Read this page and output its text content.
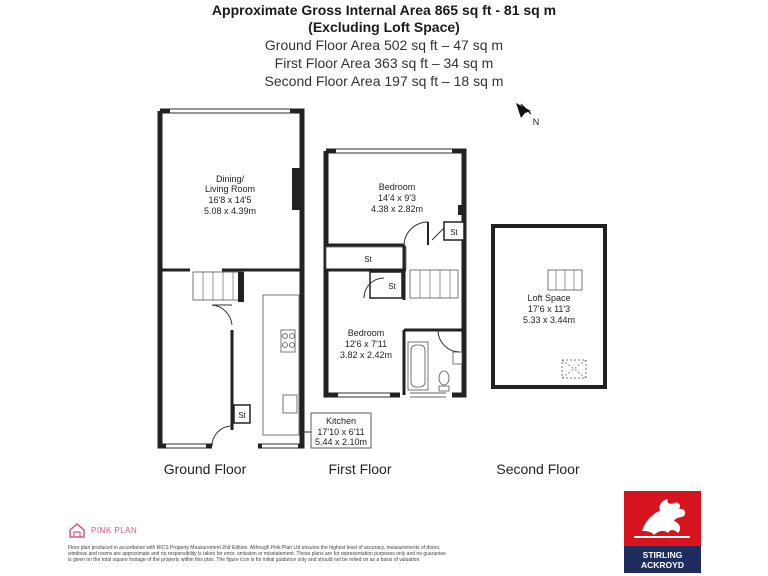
Approximate Gross Internal Area 865 sq ft - 81 sq m
(Excluding Loft Space)
Ground Floor Area 502 sq ft – 47 sq m
First Floor Area 363 sq ft – 34 sq m
Second Floor Area 197 sq ft – 18 sq m
N
St
Dining/
Living Room
16'8 x 14'5
5.08 x 4.39m
Kitchen
17'10 x 6'11
5.44 x 2.10m
Ground Floor
St
St
St
Bedroom
14'4 x 9'3
4.38 x 2.82m
Bedroom
12'6 x 7'11
3.82 x 2.42m
First Floor
Loft Space
17'6 x 11'3
5.33 x 3.44m
Second Floor
PINK PLAN
Floor plan produced in accordance with RICS Property Measurement 2nd Edition. Although Pink Plan Ltd ensures the highest level of accuracy, measurements of doors, windows and rooms are approximate and no responsibility is taken for error, omission or misstatement. These plans are for representation purposes only and no guarantee is given on the total square footage of the property within this plan. The figure icon is for initial guidance only and should not be relied on as a basis of valuation.
STIRLING
ACKROYD
